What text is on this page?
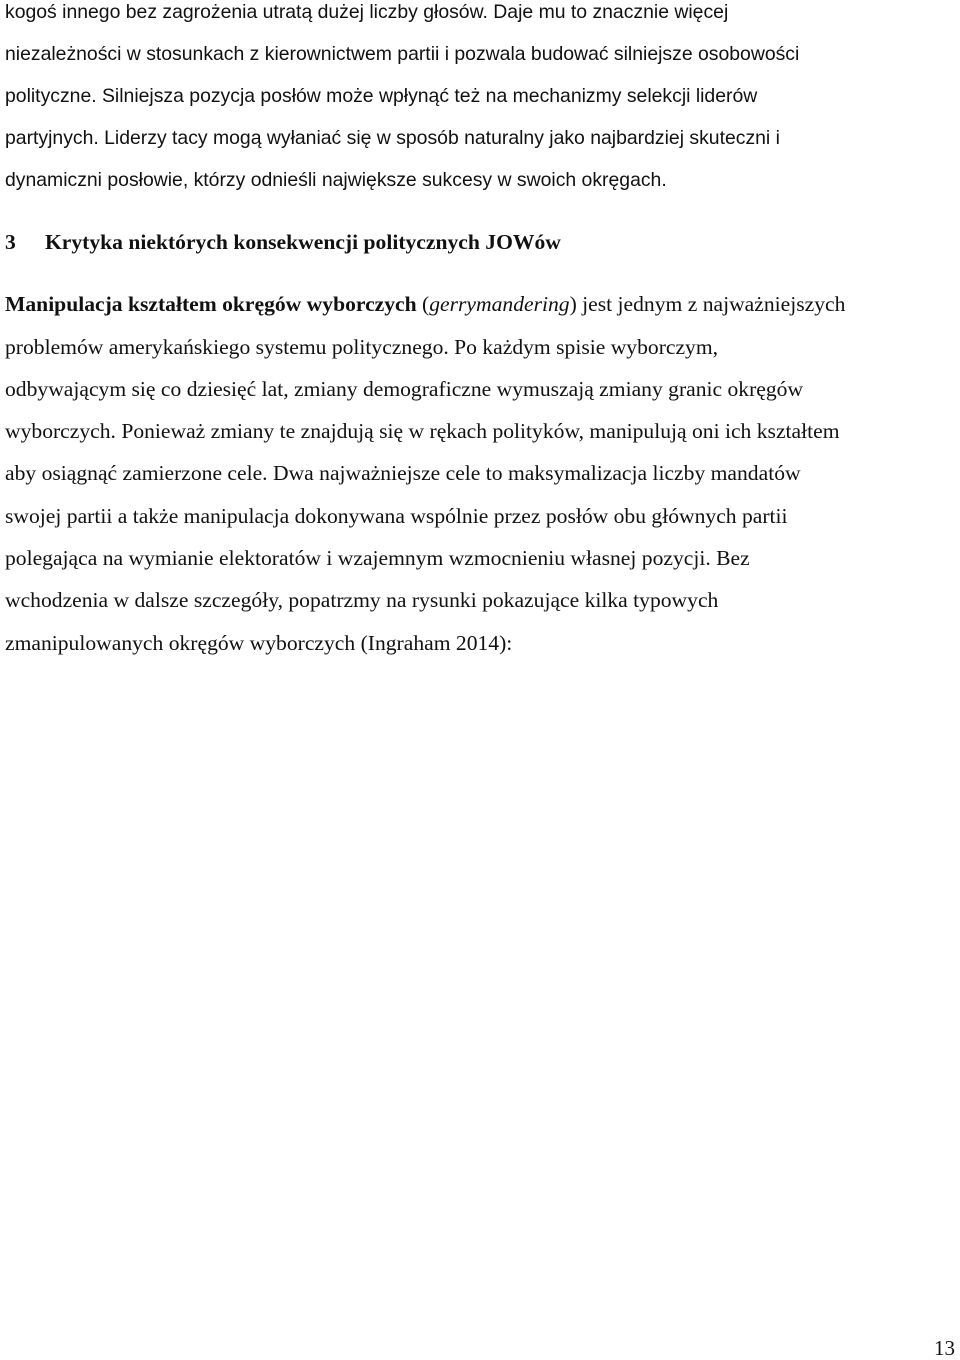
kogoś innego bez zagrożenia utratą dużej liczby głosów. Daje mu to znacznie więcej
niezależności w stosunkach z kierownictwem partii i pozwala budować silniejsze osobowości
polityczne. Silniejsza pozycja posłów może wpłynąć też na mechanizmy selekcji liderów
partyjnych. Liderzy tacy mogą wyłaniać się w sposób naturalny jako najbardziej skuteczni i
dynamiczni posłowie, którzy odnieśli największe sukcesy w swoich okręgach.
3 Krytyka niektórych konsekwencji politycznych JOWów
Manipulacja kształtem okręgów wyborczych (gerrymandering) jest jednym z najważniejszych
problemów amerykańskiego systemu politycznego. Po każdym spisie wyborczym,
odbywającym się co dziesięć lat, zmiany demograficzne wymuszają zmiany granic okręgów
wyborczych. Ponieważ zmiany te znajdują się w rękach polityków, manipulują oni ich kształtem
aby osiągnąć zamierzone cele. Dwa najważniejsze cele to maksymalizacja liczby mandatów
swojej partii a także manipulacja dokonywana wspólnie przez posłów obu głównych partii
polegająca na wymianie elektoratów i wzajemnym wzmocnieniu własnej pozycji. Bez
wchodzenia w dalsze szczegóły, popatrzmy na rysunki pokazujące kilka typowych
zmanipulowanych okręgów wyborczych (Ingraham 2014):
13
